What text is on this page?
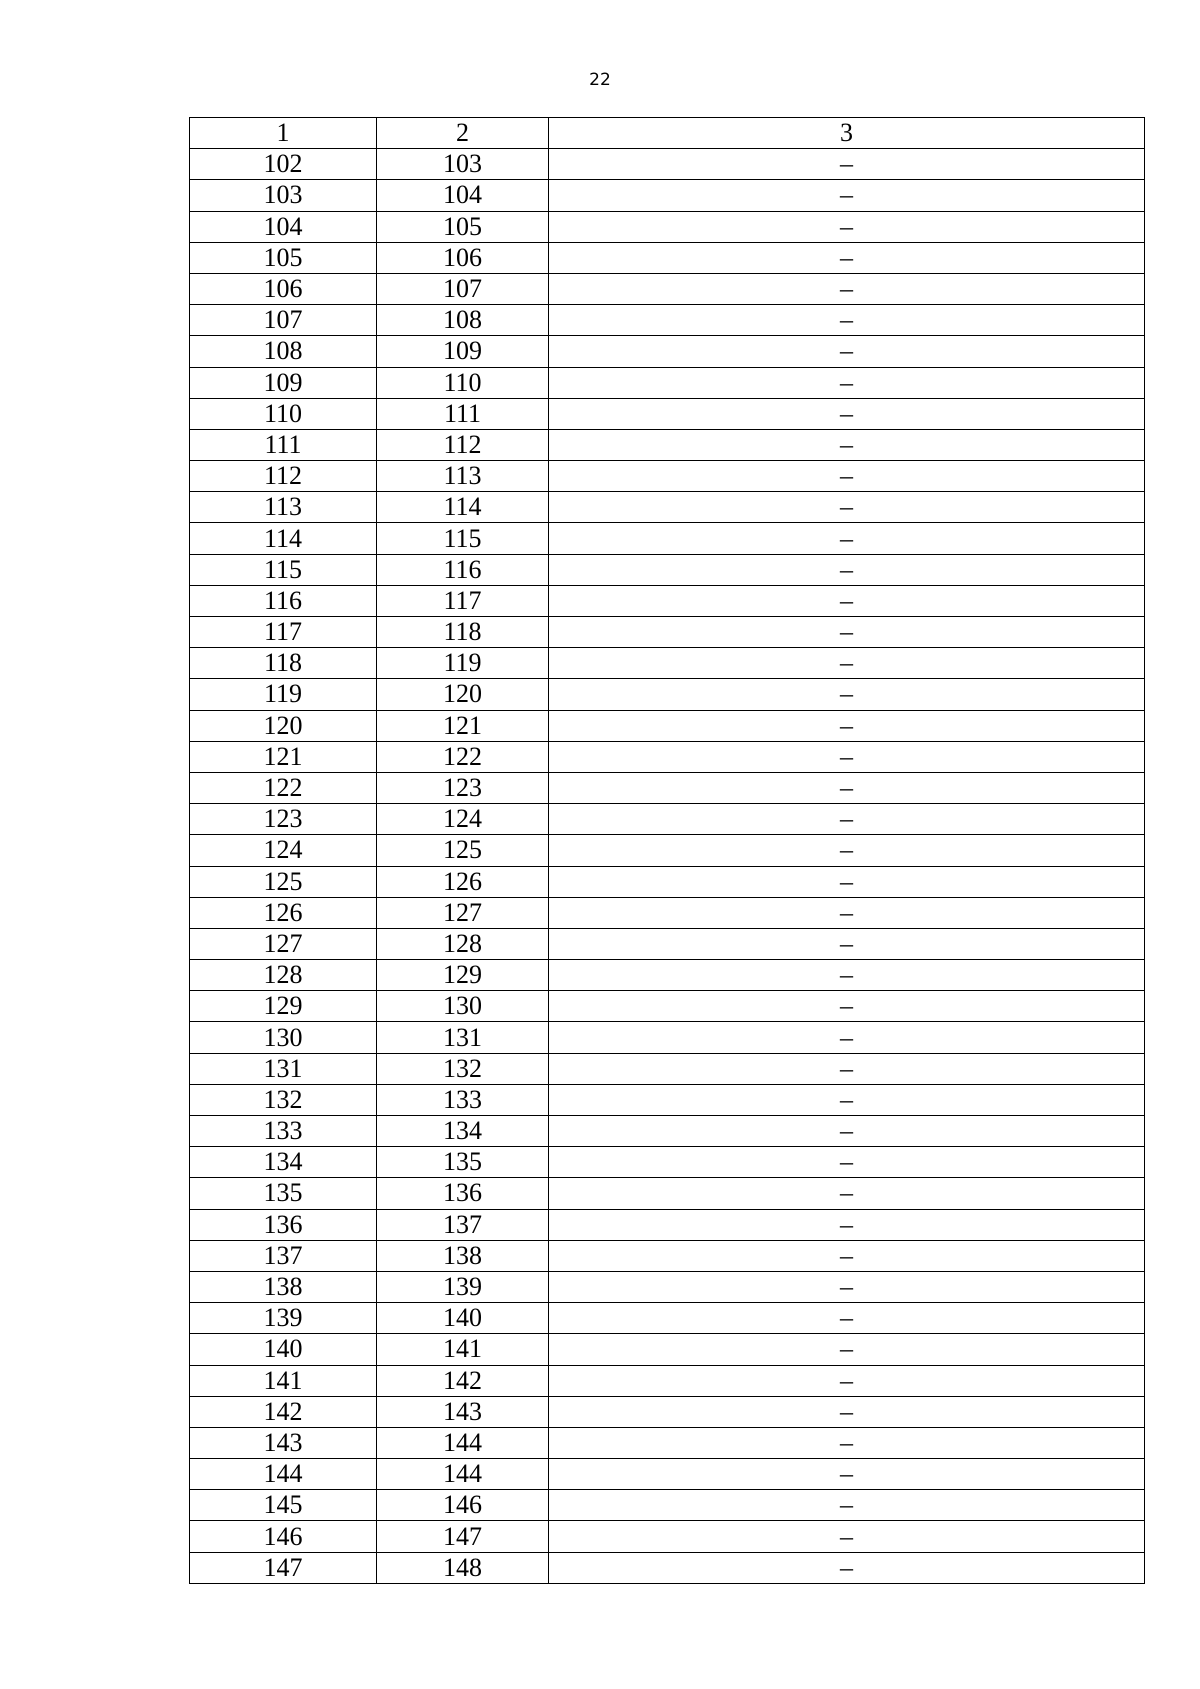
22
1	2	3
102	103	–
103	104	–
104	105	–
105	106	–
106	107	–
107	108	–
108	109	–
109	110	–
110	111	–
111	112	–
112	113	–
113	114	–
114	115	–
115	116	–
116	117	–
117	118	–
118	119	–
119	120	–
120	121	–
121	122	–
122	123	–
123	124	–
124	125	–
125	126	–
126	127	–
127	128	–
128	129	–
129	130	–
130	131	–
131	132	–
132	133	–
133	134	–
134	135	–
135	136	–
136	137	–
137	138	–
138	139	–
139	140	–
140	141	–
141	142	–
142	143	–
143	144	–
144	144	–
145	146	–
146	147	–
147	148	–
